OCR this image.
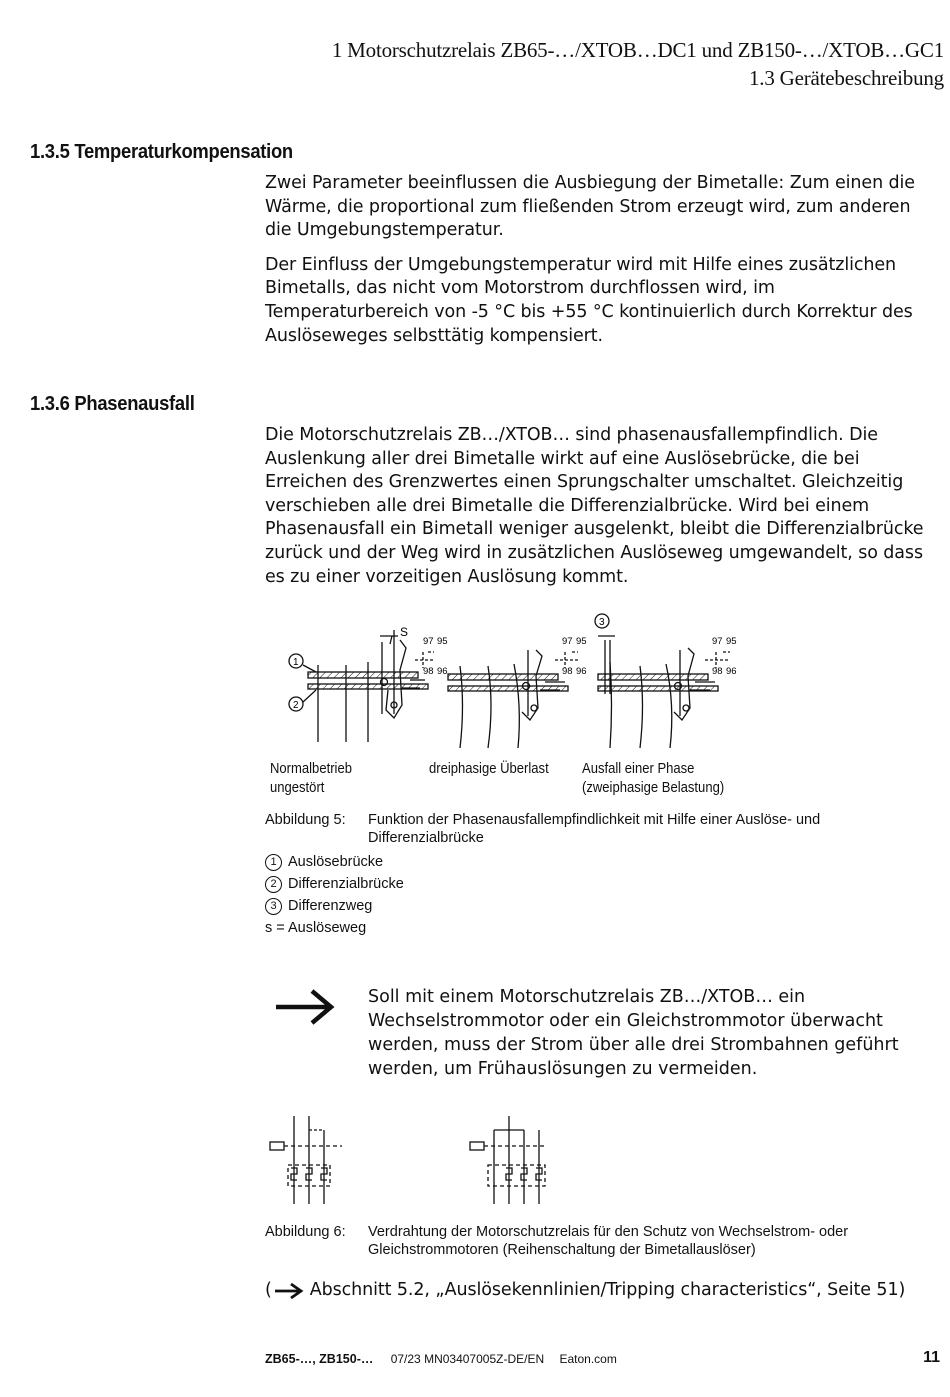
1 Motorschutzrelais ZB65-…/XTOB…DC1 und ZB150-…/XTOB…GC1
1.3 Gerätebeschreibung
1.3.5 Temperaturkompensation

Zwei Parameter beeinflussen die Ausbiegung der Bimetalle: Zum einen die Wärme, die proportional zum fließenden Strom erzeugt wird, zum anderen die Umgebungstemperatur.

Der Einfluss der Umgebungstemperatur wird mit Hilfe eines zusätzlichen Bimetalls, das nicht vom Motorstrom durchflossen wird, im Temperaturbereich von -5 °C bis +55 °C kontinuierlich durch Korrektur des Auslöseweges selbsttätig kompensiert.

1.3.6 Phasenausfall

Die Motorschutzrelais ZB…/XTOB… sind phasenausfallempfindlich. Die Auslenkung aller drei Bimetalle wirkt auf eine Auslösebrücke, die bei Erreichen des Grenzwertes einen Sprungschalter umschaltet. Gleichzeitig verschieben alle drei Bimetalle die Differenzialbrücke. Wird bei einem Phasenausfall ein Bimetall weniger ausgelenkt, bleibt die Differenzialbrücke zurück und der Weg wird in zusätzlichen Auslöseweg umgewandelt, so dass es zu einer vorzeitigen Auslösung kommt.

1
2
3
S
97 95
98 96
97 95
98 96
97 95
98 96
Normalbetrieb
ungestört
dreiphasige Überlast Ausfall einer Phase
(zweiphasige Belastung)
Abbildung 5: Funktion der Phasenausfallempfindlichkeit mit Hilfe einer Auslöse- und Differenzialbrücke
1 Auslösebrücke
2 Differenzialbrücke
3 Differenzweg
s = Auslöseweg
Soll mit einem Motorschutzrelais ZB…/XTOB… ein Wechselstrommotor oder ein Gleichstrommotor überwacht werden, muss der Strom über alle drei Strombahnen geführt werden, um Frühauslösungen zu vermeiden.
Abbildung 6: Verdrahtung der Motorschutzrelais für den Schutz von Wechselstrom- oder Gleichstrommotoren (Reihenschaltung der Bimetallauslöser)
( Abschnitt 5.2, „Auslösekennlinien/Tripping characteristics“, Seite 51)
ZB65-…, ZB150-… 07/23 MN03407005Z-DE/EN Eaton.com	11
